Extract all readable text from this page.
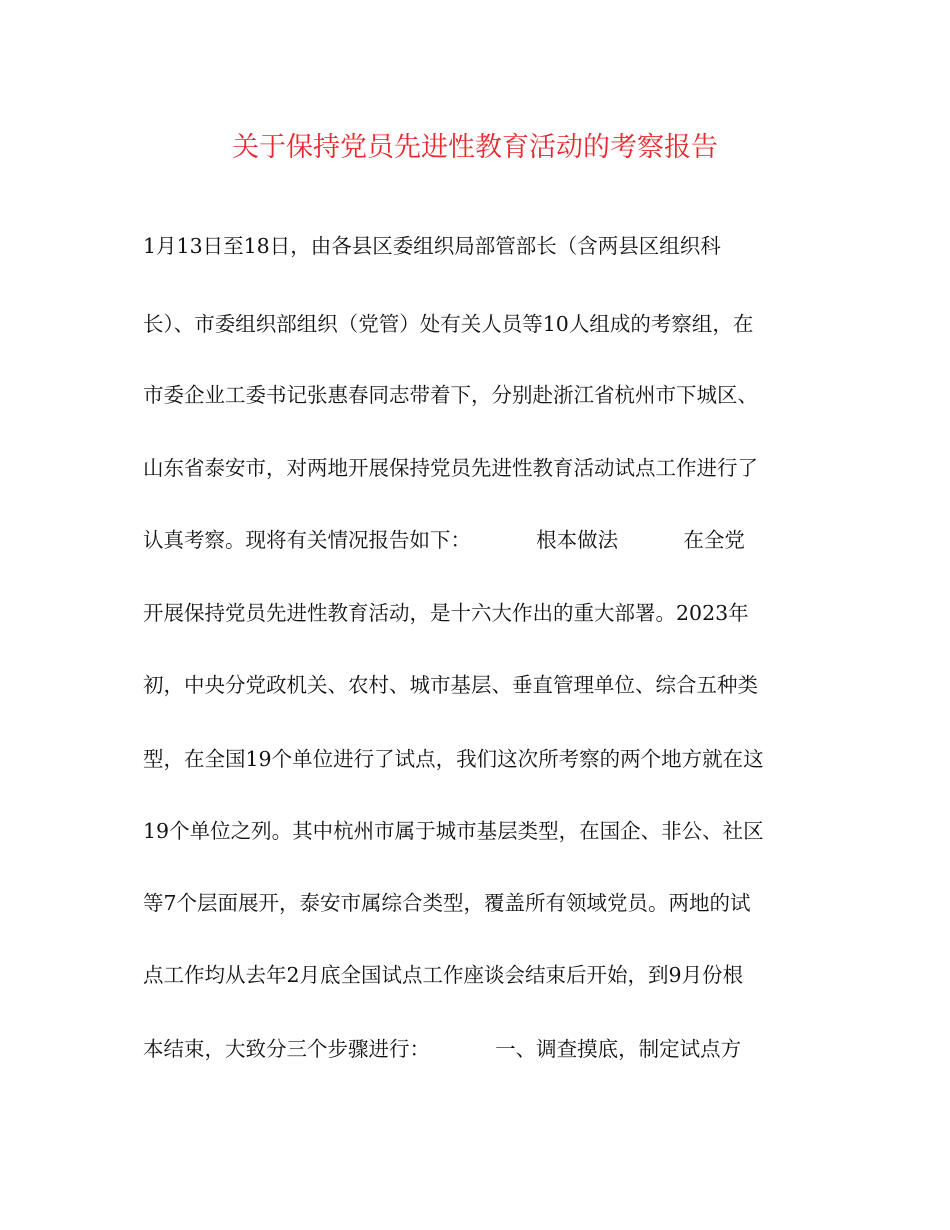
关于保持党员先进性教育活动的考察报告
1月13日至18日，由各县区委组织局部管部长（含两县区组织科
长）、市委组织部组织（党管）处有关人员等10人组成的考察组，在
市委企业工委书记张惠春同志带着下，分别赴浙江省杭州市下城区、
山东省泰安市，对两地开展保持党员先进性教育活动试点工作进行了
认真考察。现将有关情况报告如下：          根本做法          在全党
开展保持党员先进性教育活动，是十六大作出的重大部署。2023年
初，中央分党政机关、农村、城市基层、垂直管理单位、综合五种类
型，在全国19个单位进行了试点，我们这次所考察的两个地方就在这
19个单位之列。其中杭州市属于城市基层类型，在国企、非公、社区
等7个层面展开，泰安市属综合类型，覆盖所有领域党员。两地的试
点工作均从去年2月底全国试点工作座谈会结束后开始，到9月份根
本结束，大致分三个步骤进行：          一、调查摸底，制定试点方
